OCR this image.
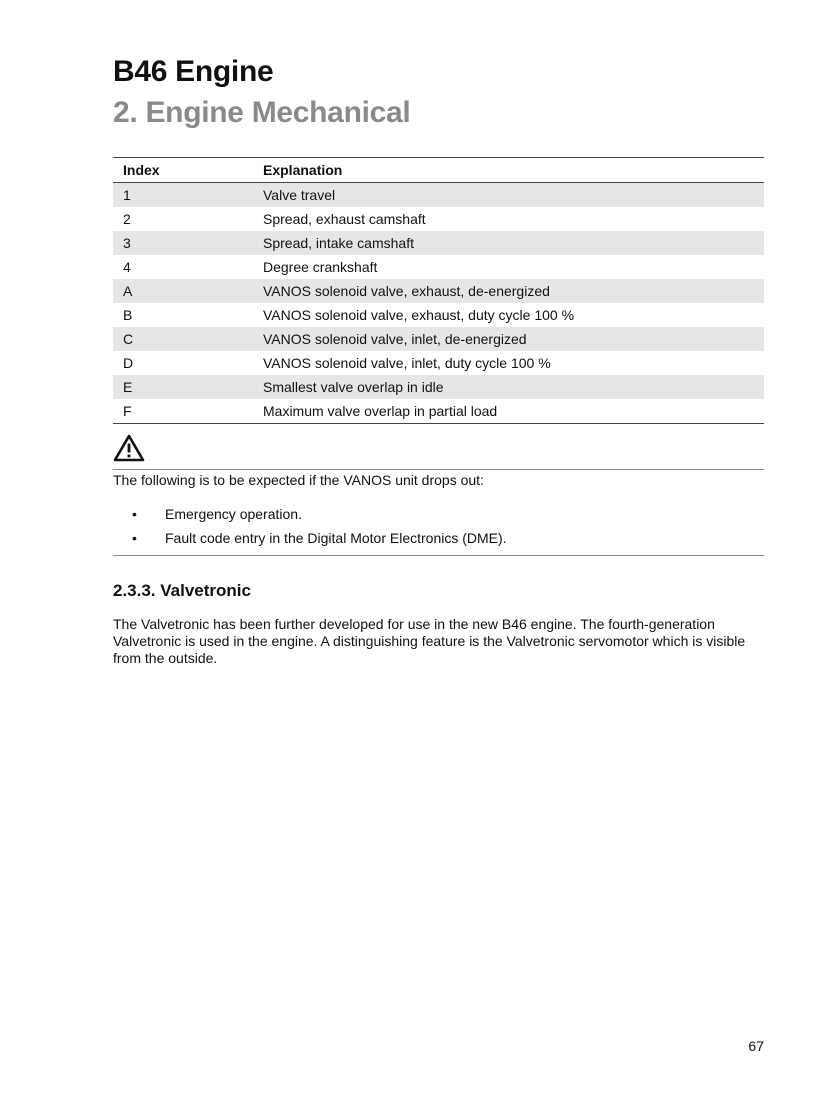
B46 Engine
2. Engine Mechanical
Index	Explanation
1	Valve travel
2	Spread, exhaust camshaft
3	Spread, intake camshaft
4	Degree crankshaft
A	VANOS solenoid valve, exhaust, de-energized
B	VANOS solenoid valve, exhaust, duty cycle 100 %
C	VANOS solenoid valve, inlet, de-energized
D	VANOS solenoid valve, inlet, duty cycle 100 %
E	Smallest valve overlap in idle
F	Maximum valve overlap in partial load

The following is to be expected if the VANOS unit drops out:

• Emergency operation.
• Fault code entry in the Digital Motor Electronics (DME).
2.3.3. Valvetronic

The Valvetronic has been further developed for use in the new B46 engine. The fourth-generation Valvetronic is used in the engine. A distinguishing feature is the Valvetronic servomotor which is visible from the outside.

67
